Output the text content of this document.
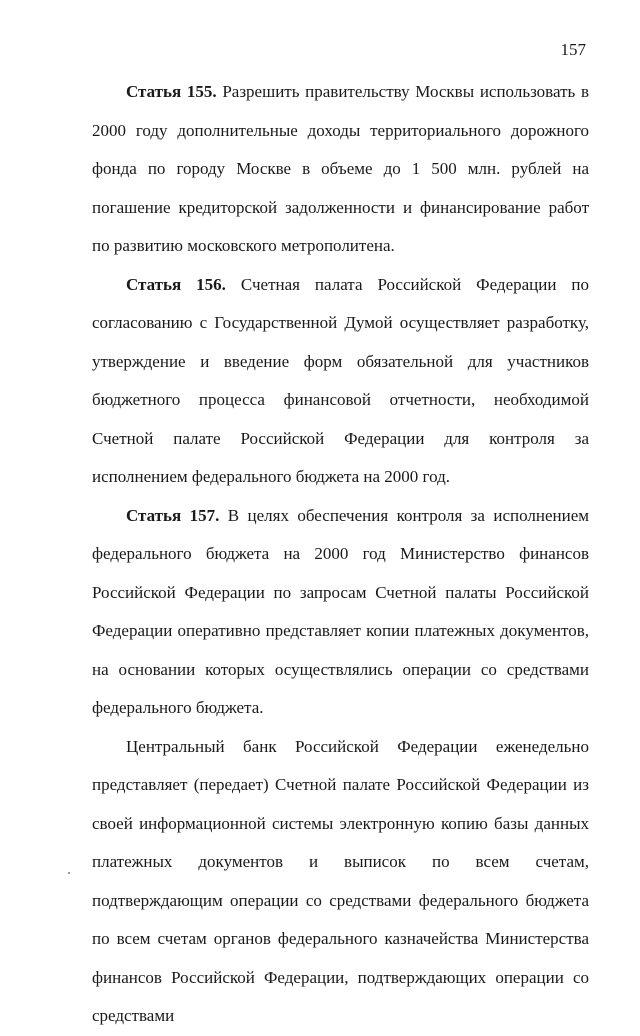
157

Статья 155. Разрешить правительству Москвы использовать в 2000 году дополнительные доходы территориального дорожного фонда по городу Москве в объеме до 1 500 млн. рублей на погашение кредиторской задолженности и финансирование работ по развитию московского метрополитена.

Статья 156. Счетная палата Российской Федерации по согласованию с Государственной Думой осуществляет разработку, утверждение и введение форм обязательной для участников бюджетного процесса финансовой отчетности, необходимой Счетной палате Российской Федерации для контроля за исполнением федерального бюджета на 2000 год.

Статья 157. В целях обеспечения контроля за исполнением федерального бюджета на 2000 год Министерство финансов Российской Федерации по запросам Счетной палаты Российской Федерации оперативно представляет копии платежных документов, на основании которых осуществлялись операции со средствами федерального бюджета.

Центральный банк Российской Федерации еженедельно представляет (передает) Счетной палате Российской Федерации из своей информационной системы электронную копию базы данных платежных документов и выписок по всем счетам, подтверждающим операции со средствами федерального бюджета по всем счетам органов федерального казначейства Министерства финансов Российской Федерации, подтверждающих операции со средствами
